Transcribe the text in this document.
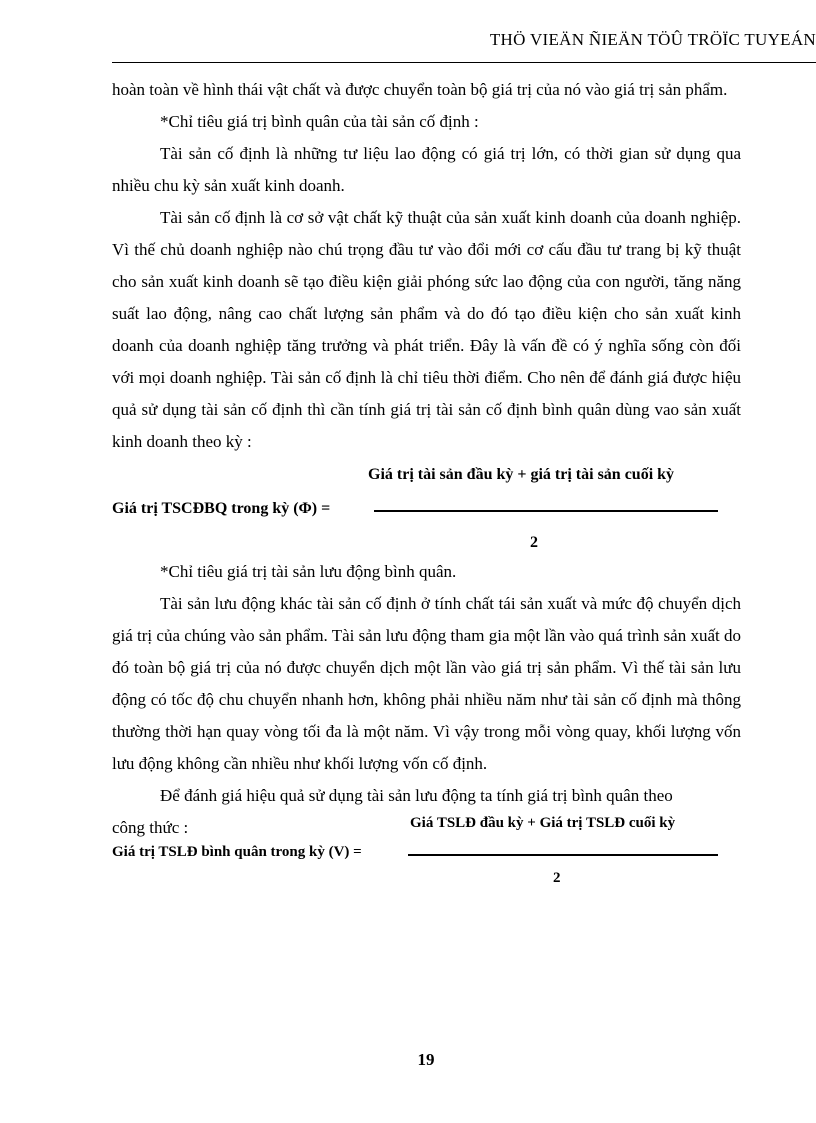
THÖ VIEÄN ÑIEÄN TÖÛ TRÖÏC TUYEÁN

hoàn toàn về hình thái vật chất và được chuyển toàn bộ giá trị của nó vào giá trị sản phẩm.

*Chỉ tiêu giá trị bình quân của tài sản cố định :

Tài sản cố định là những tư liệu lao động có giá trị lớn, có thời gian sử dụng qua nhiều chu kỳ sản xuất kinh doanh.

Tài sản cố định là cơ sở vật chất kỹ thuật của sản xuất kinh doanh của doanh nghiệp. Vì thế chủ doanh nghiệp nào chú trọng đầu tư vào đổi mới cơ cấu đầu tư trang bị kỹ thuật cho sản xuất kinh doanh sẽ tạo điều kiện giải phóng sức lao động của con người, tăng năng suất lao động, nâng cao chất lượng sản phẩm và do đó tạo điều kiện cho sản xuất kinh doanh của doanh nghiệp tăng trưởng và phát triển. Đây là vấn đề có ý nghĩa sống còn đối với mọi doanh nghiệp. Tài sản cố định là chỉ tiêu thời điểm. Cho nên để đánh giá được hiệu quả sử dụng tài sản cố định thì cần tính giá trị tài sản cố định bình quân dùng vao sản xuất kinh doanh theo kỳ :

Giá trị tài sản đầu kỳ + giá trị tài sản cuối kỳ
Giá trị TSCĐBQ trong kỳ (Φ) =
2

*Chỉ tiêu giá trị tài sản lưu động bình quân.

Tài sản lưu động khác tài sản cố định ở tính chất tái sản xuất và mức độ chuyển dịch giá trị của chúng vào sản phẩm. Tài sản lưu động tham gia một lần vào quá trình sản xuất do đó toàn bộ giá trị của nó được chuyển dịch một lần vào giá trị sản phẩm. Vì thế tài sản lưu động có tốc độ chu chuyển nhanh hơn, không phải nhiều năm như tài sản cố định mà thông thường thời hạn quay vòng tối đa là một năm. Vì vậy trong mỗi vòng quay, khối lượng vốn lưu động không cần nhiều như khối lượng vốn cố định.

Để đánh giá hiệu quả sử dụng tài sản lưu động ta tính giá trị bình quân theo

công thức :	Giá TSLĐ đầu kỳ + Giá trị TSLĐ cuối kỳ
Giá trị TSLĐ bình quân trong kỳ (V) =
2
19
